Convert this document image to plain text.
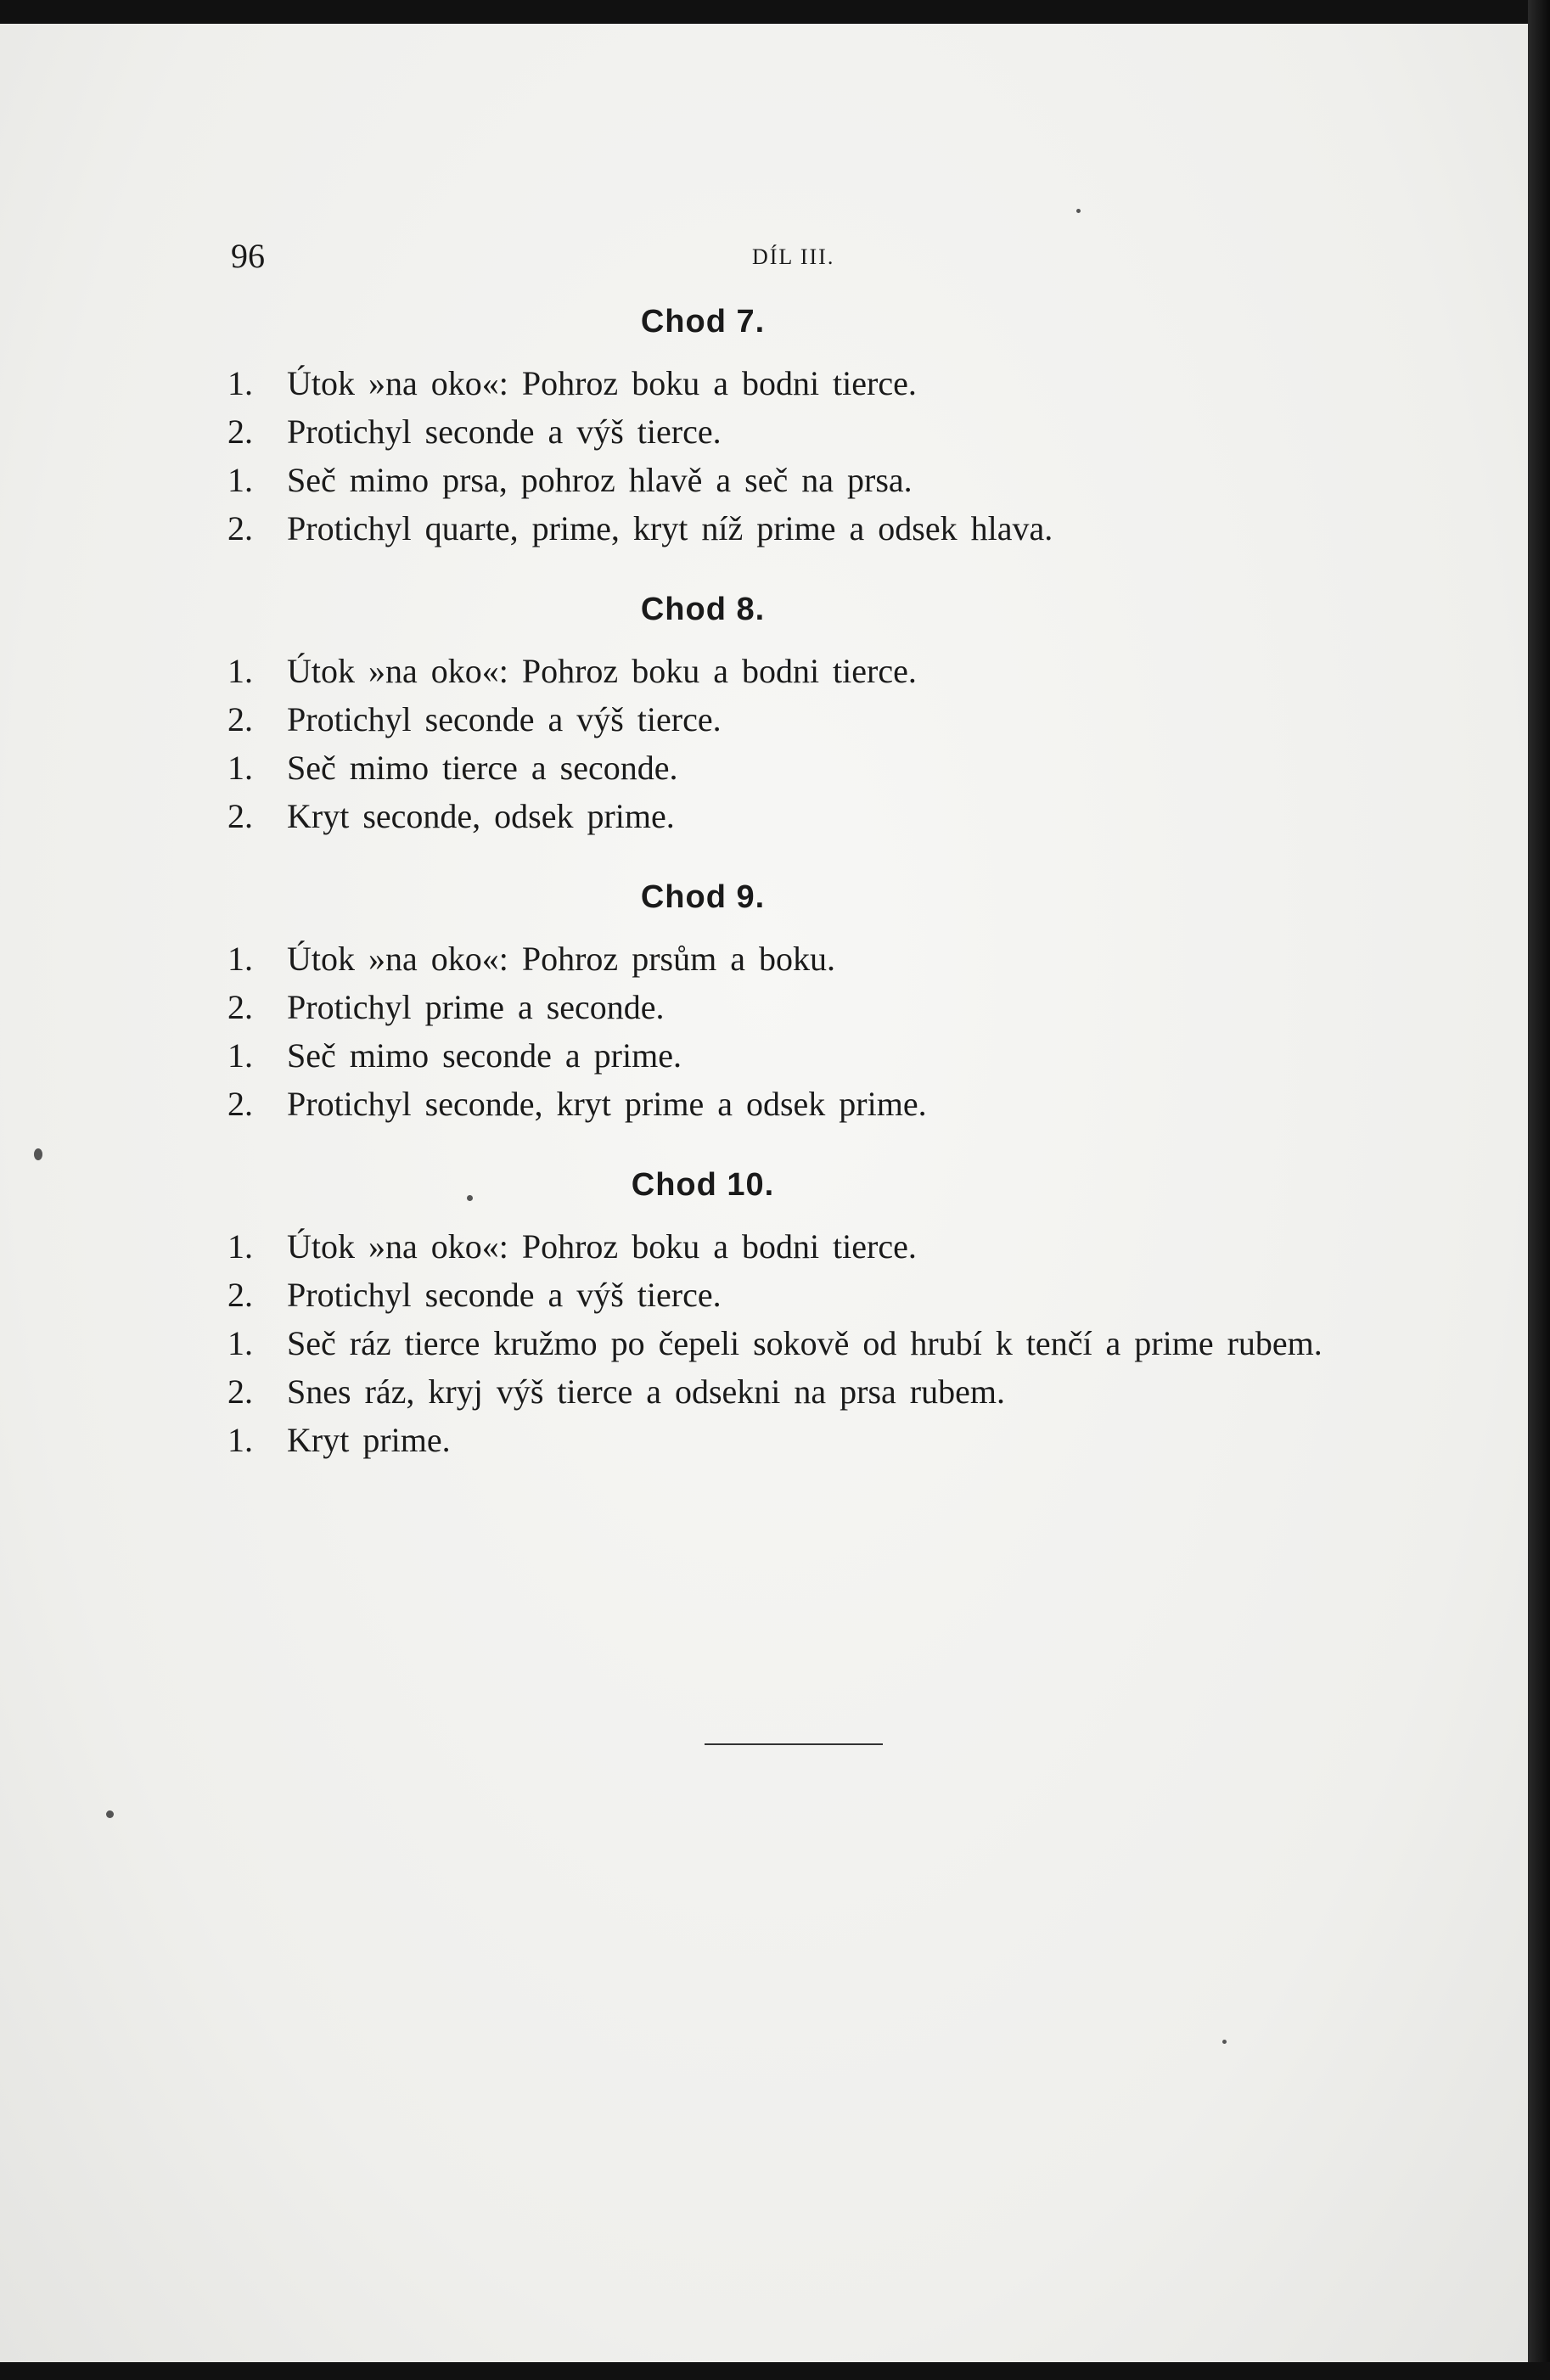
96	DÍL III.
Chod 7.
1.	Útok »na oko«: Pohroz boku a bodni tierce.
2.	Protichyl seconde a výš tierce.
1.	Seč mimo prsa, pohroz hlavě a seč na prsa.
2.	Protichyl quarte, prime, kryt níž prime a odsek hlava.
Chod 8.
1.	Útok »na oko«: Pohroz boku a bodni tierce.
2.	Protichyl seconde a výš tierce.
1.	Seč mimo tierce a seconde.
2.	Kryt seconde, odsek prime.
Chod 9.
1.	Útok »na oko«: Pohroz prsům a boku.
2.	Protichyl prime a seconde.
1.	Seč mimo seconde a prime.
2.	Protichyl seconde, kryt prime a odsek prime.
Chod 10.
1.	Útok »na oko«: Pohroz boku a bodni tierce.
2.	Protichyl seconde a výš tierce.
1.	Seč ráz tierce kružmo po čepeli sokově od hrubí k tenčí a prime rubem.
2.	Snes ráz, kryj výš tierce a odsekni na prsa rubem.
1.	Kryt prime.
